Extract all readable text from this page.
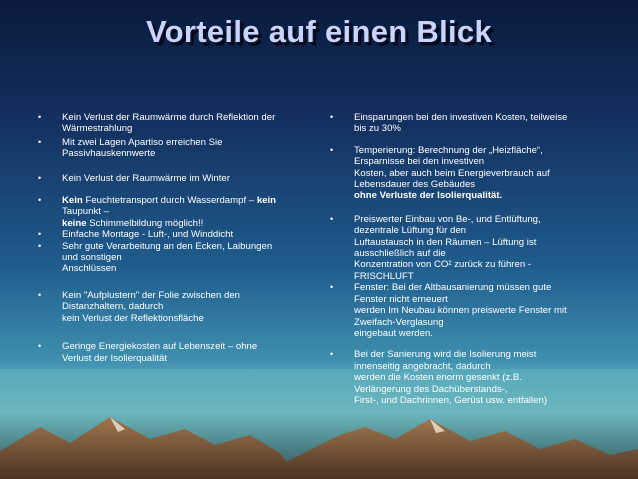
Vorteile auf einen Blick
• Kein Verlust der Raumwärme durch Reflektion der
Wärmestrahlung
• Mit zwei Lagen Apartiso erreichen Sie
Passivhauskennwerte
• Kein Verlust der Raumwärme im Winter
• Kein Feuchtetransport durch Wasserdampf – kein
Taupunkt –
keine Schimmelbildung möglich!!
• Einfache Montage - Luft-, und Winddicht
• Sehr gute Verarbeitung an den Ecken, Laibungen
und sonstigen
Anschlüssen
• Kein "Aufplustern" der Folie zwischen den
Distanzhaltern, dadurch
kein Verlust der Reflektionsfläche
• Geringe Energiekosten auf Lebenszeit – ohne
Verlust der Isolierqualität
• Einsparungen bei den investiven Kosten, teilweise
bis zu 30%
• Temperierung: Berechnung der „Heizfläche“,
Ersparnisse bei den investiven
Kosten, aber auch beim Energieverbrauch auf
Lebensdauer des Gebäudes
ohne Verluste der Isolierqualität.
• Preiswerter Einbau von Be-, und Entlüftung,
dezentrale Lüftung für den
Luftaustausch in den Räumen – Lüftung ist
ausschließlich auf die
Konzentration von CO² zurück zu führen -
FRISCHLUFT
• Fenster: Bei der Altbausanierung müssen gute
Fenster nicht erneuert
werden Im Neubau können preiswerte Fenster mit
Zweifach-Verglasung
eingebaut werden.
• Bei der Sanierung wird die Isolierung meist
innenseitig angebracht, dadurch
werden die Kosten enorm gesenkt (z.B.
Verlängerung des Dachüberstands-,
First-, und Dachrinnen, Gerüst usw. entfallen)
